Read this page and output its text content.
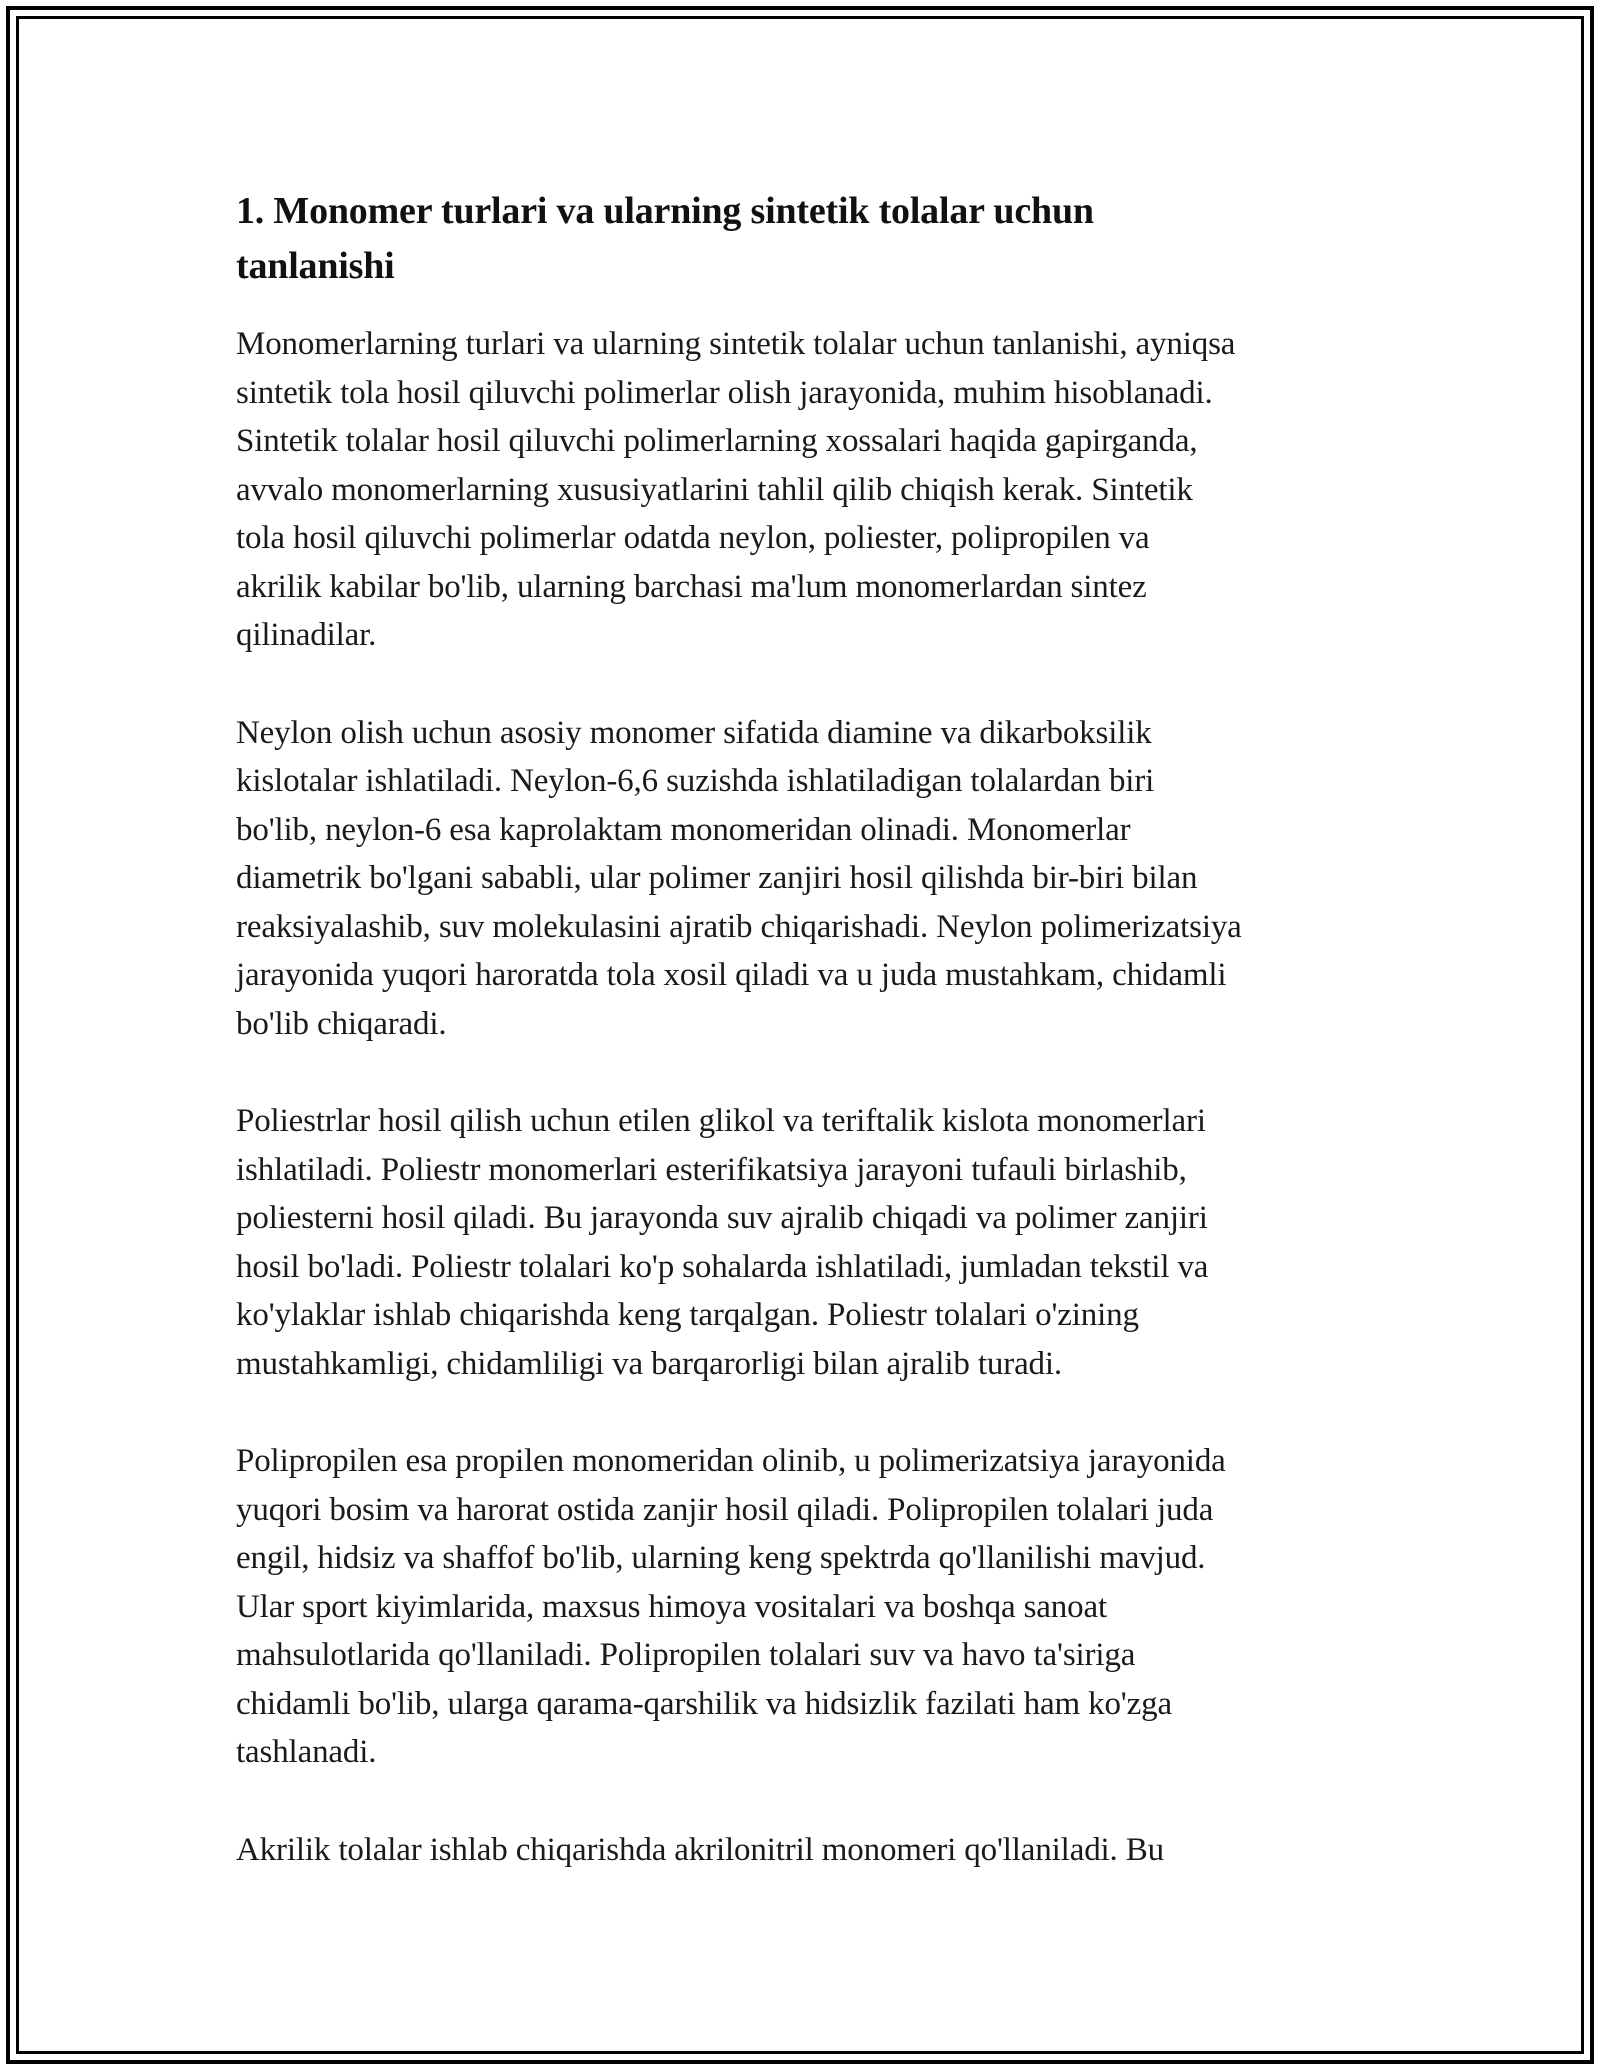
1. Monomer turlari va ularning sintetik tolalar uchun
tanlanishi

Monomerlarning turlari va ularning sintetik tolalar uchun tanlanishi, ayniqsa
sintetik tola hosil qiluvchi polimerlar olish jarayonida, muhim hisoblanadi.
Sintetik tolalar hosil qiluvchi polimerlarning xossalari haqida gapirganda,
avvalo monomerlarning xususiyatlarini tahlil qilib chiqish kerak. Sintetik
tola hosil qiluvchi polimerlar odatda neylon, poliester, polipropilen va
akrilik kabilar bo'lib, ularning barchasi ma'lum monomerlardan sintez
qilinadilar.

Neylon olish uchun asosiy monomer sifatida diamine va dikarboksilik
kislotalar ishlatiladi. Neylon-6,6 suzishda ishlatiladigan tolalardan biri
bo'lib, neylon-6 esa kaprolaktam monomeridan olinadi. Monomerlar
diametrik bo'lgani sababli, ular polimer zanjiri hosil qilishda bir-biri bilan
reaksiyalashib, suv molekulasini ajratib chiqarishadi. Neylon polimerizatsiya
jarayonida yuqori haroratda tola xosil qiladi va u juda mustahkam, chidamli
bo'lib chiqaradi.

Poliestrlar hosil qilish uchun etilen glikol va teriftalik kislota monomerlari
ishlatiladi. Poliestr monomerlari esterifikatsiya jarayoni tufauli birlashib,
poliesterni hosil qiladi. Bu jarayonda suv ajralib chiqadi va polimer zanjiri
hosil bo'ladi. Poliestr tolalari ko'p sohalarda ishlatiladi, jumladan tekstil va
ko'ylaklar ishlab chiqarishda keng tarqalgan. Poliestr tolalari o'zining
mustahkamligi, chidamliligi va barqarorligi bilan ajralib turadi.

Polipropilen esa propilen monomeridan olinib, u polimerizatsiya jarayonida
yuqori bosim va harorat ostida zanjir hosil qiladi. Polipropilen tolalari juda
engil, hidsiz va shaffof bo'lib, ularning keng spektrda qo'llanilishi mavjud.
Ular sport kiyimlarida, maxsus himoya vositalari va boshqa sanoat
mahsulotlarida qo'llaniladi. Polipropilen tolalari suv va havo ta'siriga
chidamli bo'lib, ularga qarama-qarshilik va hidsizlik fazilati ham ko'zga
tashlanadi.

Akrilik tolalar ishlab chiqarishda akrilonitril monomeri qo'llaniladi. Bu
